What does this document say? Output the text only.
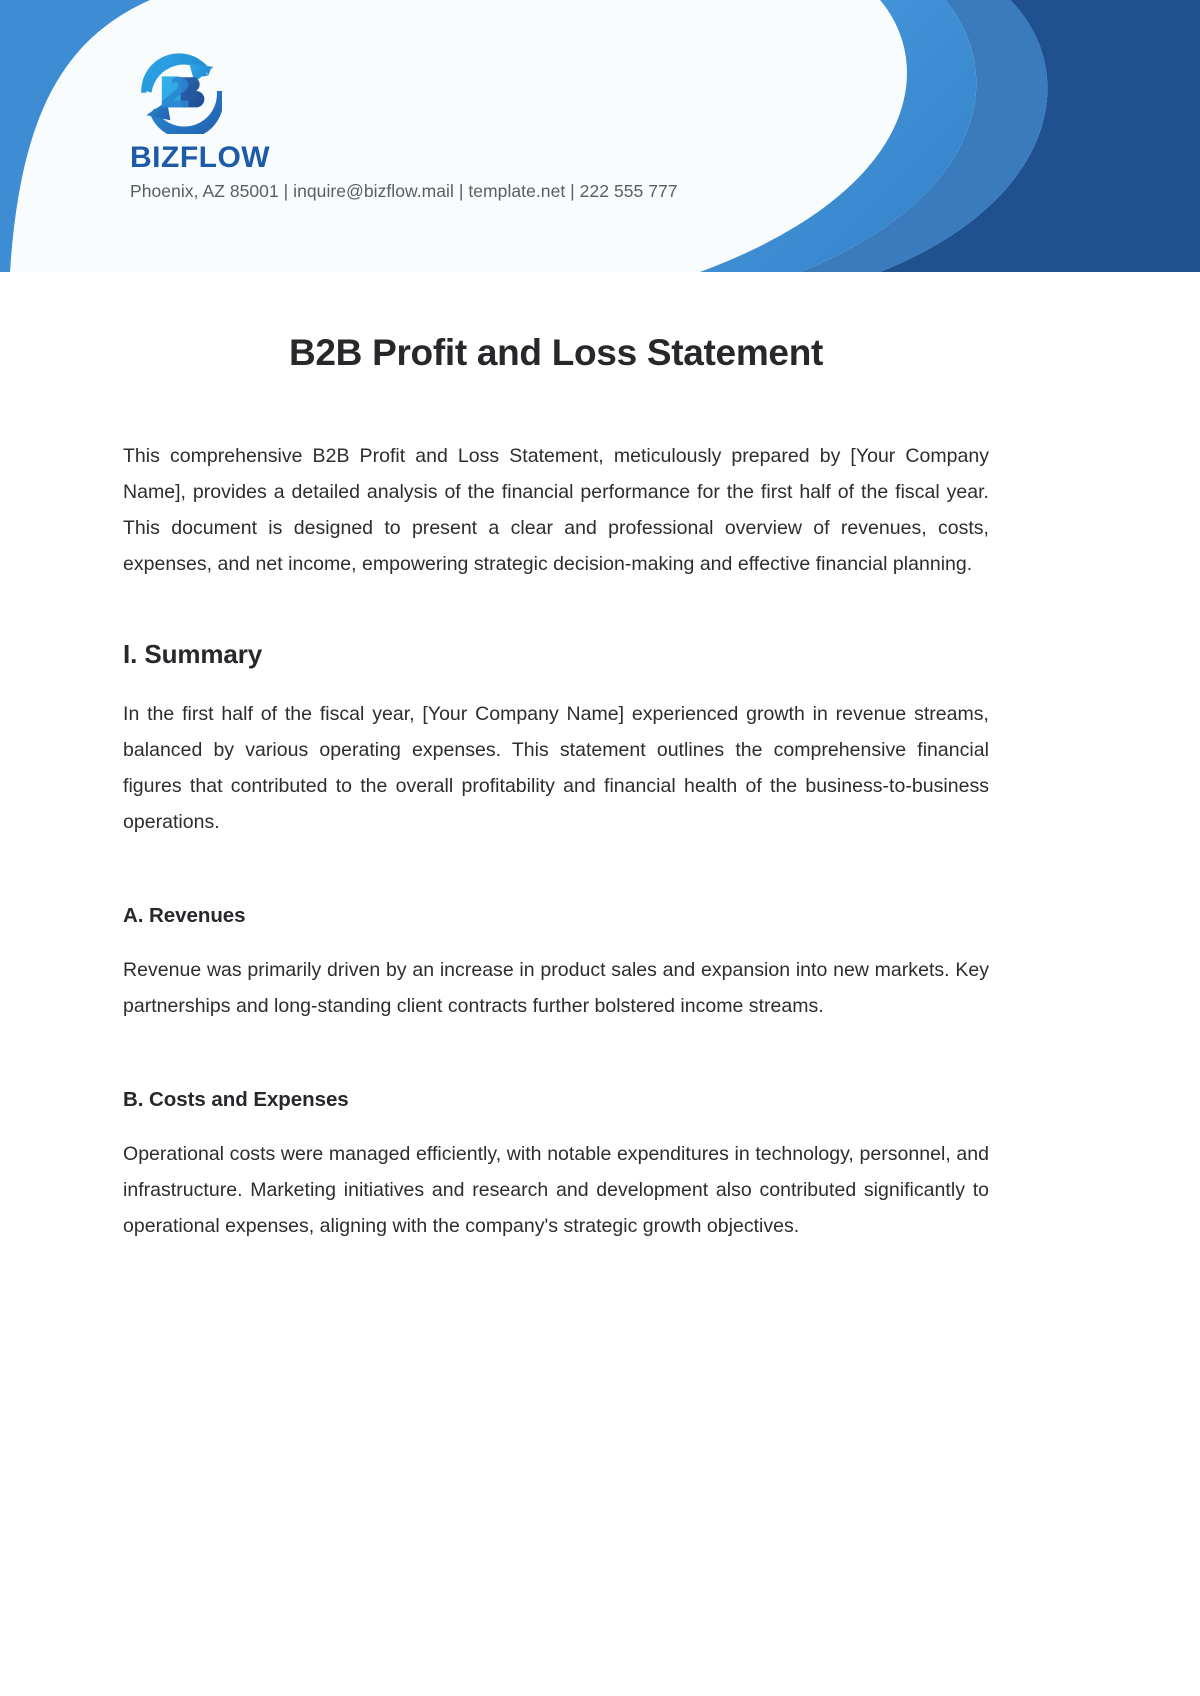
BIZFLOW
Phoenix, AZ 85001 | inquire@bizflow.mail | template.net | 222 555 777
B2B Profit and Loss Statement

This comprehensive B2B Profit and Loss Statement, meticulously prepared by [Your Company Name], provides a detailed analysis of the financial performance for the first half of the fiscal year. This document is designed to present a clear and professional overview of revenues, costs, expenses, and net income, empowering strategic decision-making and effective financial planning.

I. Summary

In the first half of the fiscal year, [Your Company Name] experienced growth in revenue streams, balanced by various operating expenses. This statement outlines the comprehensive financial figures that contributed to the overall profitability and financial health of the business-to-business operations.

A. Revenues

Revenue was primarily driven by an increase in product sales and expansion into new markets. Key partnerships and long-standing client contracts further bolstered income streams.

B. Costs and Expenses

Operational costs were managed efficiently, with notable expenditures in technology, personnel, and infrastructure. Marketing initiatives and research and development also contributed significantly to operational expenses, aligning with the company's strategic growth objectives.
